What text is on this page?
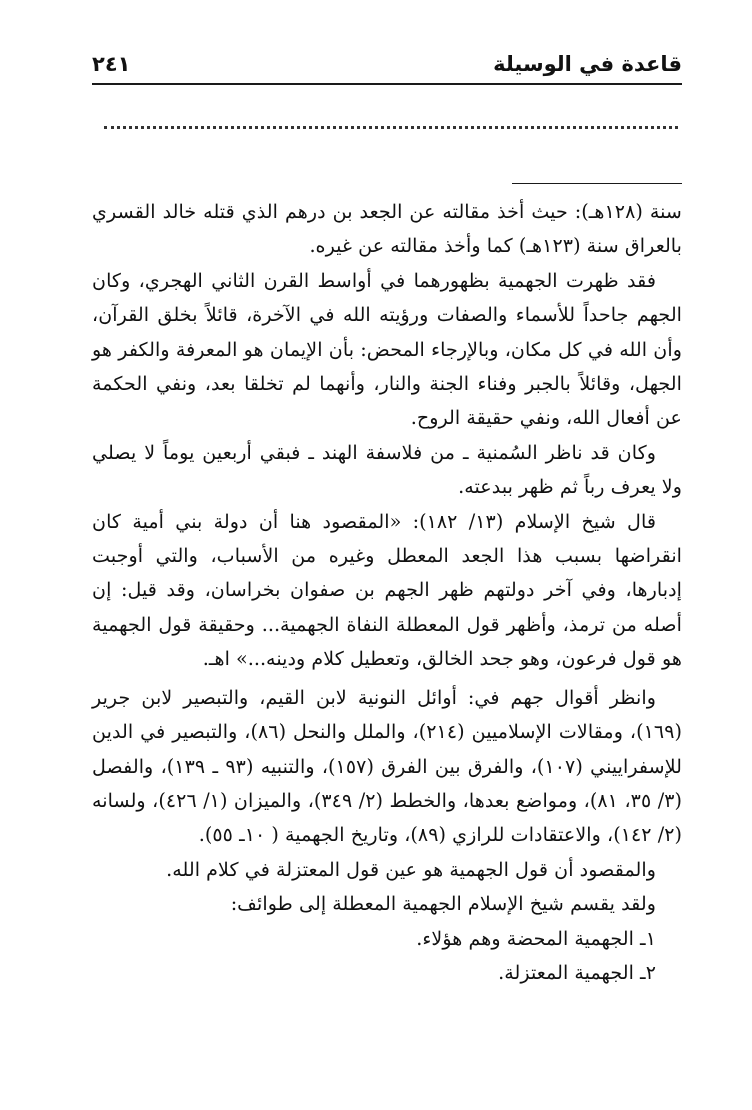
قاعدة في الوسيلة
٢٤١

سنة (١٢٨هـ): حيث أخذ مقالته عن الجعد بن درهم الذي قتله خالد القسري بالعراق سنة (١٢٣هـ) كما وأخذ مقالته عن غيره.

فقد ظهرت الجهمية بظهورهما في أواسط القرن الثاني الهجري، وكان الجهم جاحداً للأسماء والصفات ورؤيته الله في الآخرة، قائلاً بخلق القرآن، وأن الله في كل مكان، وبالإرجاء المحض: بأن الإيمان هو المعرفة والكفر هو الجهل، وقائلاً بالجبر وفناء الجنة والنار، وأنهما لم تخلقا بعد، ونفي الحكمة عن أفعال الله، ونفي حقيقة الروح.

وكان قد ناظر السُمنية ـ من فلاسفة الهند ـ فبقي أربعين يوماً لا يصلي ولا يعرف رباً ثم ظهر ببدعته.

قال شيخ الإسلام (١٣/ ١٨٢): «المقصود هنا أن دولة بني أمية كان انقراضها بسبب هذا الجعد المعطل وغيره من الأسباب، والتي أوجبت إدبارها، وفي آخر دولتهم ظهر الجهم بن صفوان بخراسان، وقد قيل: إن أصله من ترمذ، وأظهر قول المعطلة النفاة الجهمية... وحقيقة قول الجهمية هو قول فرعون، وهو جحد الخالق، وتعطيل كلام ودينه...» اهـ.

وانظر أقوال جهم في: أوائل النونية لابن القيم، والتبصير لابن جرير (١٦٩)، ومقالات الإسلاميين (٢١٤)، والملل والنحل (٨٦)، والتبصير في الدين للإسفراييني (١٠٧)، والفرق بين الفرق (١٥٧)، والتنبيه (٩٣ ـ ١٣٩)، والفصل (٣/ ٣٥، ٨١)، ومواضع بعدها، والخطط (٢/ ٣٤٩)، والميزان (١/ ٤٢٦)، ولسانه (٢/ ١٤٢)، والاعتقادات للرازي (٨٩)، وتاريخ الجهمية ( ١٠ـ ٥٥).

والمقصود أن قول الجهمية هو عين قول المعتزلة في كلام الله.

ولقد يقسم شيخ الإسلام الجهمية المعطلة إلى طوائف:

١ـ الجهمية المحضة وهم هؤلاء.

٢ـ الجهمية المعتزلة.
